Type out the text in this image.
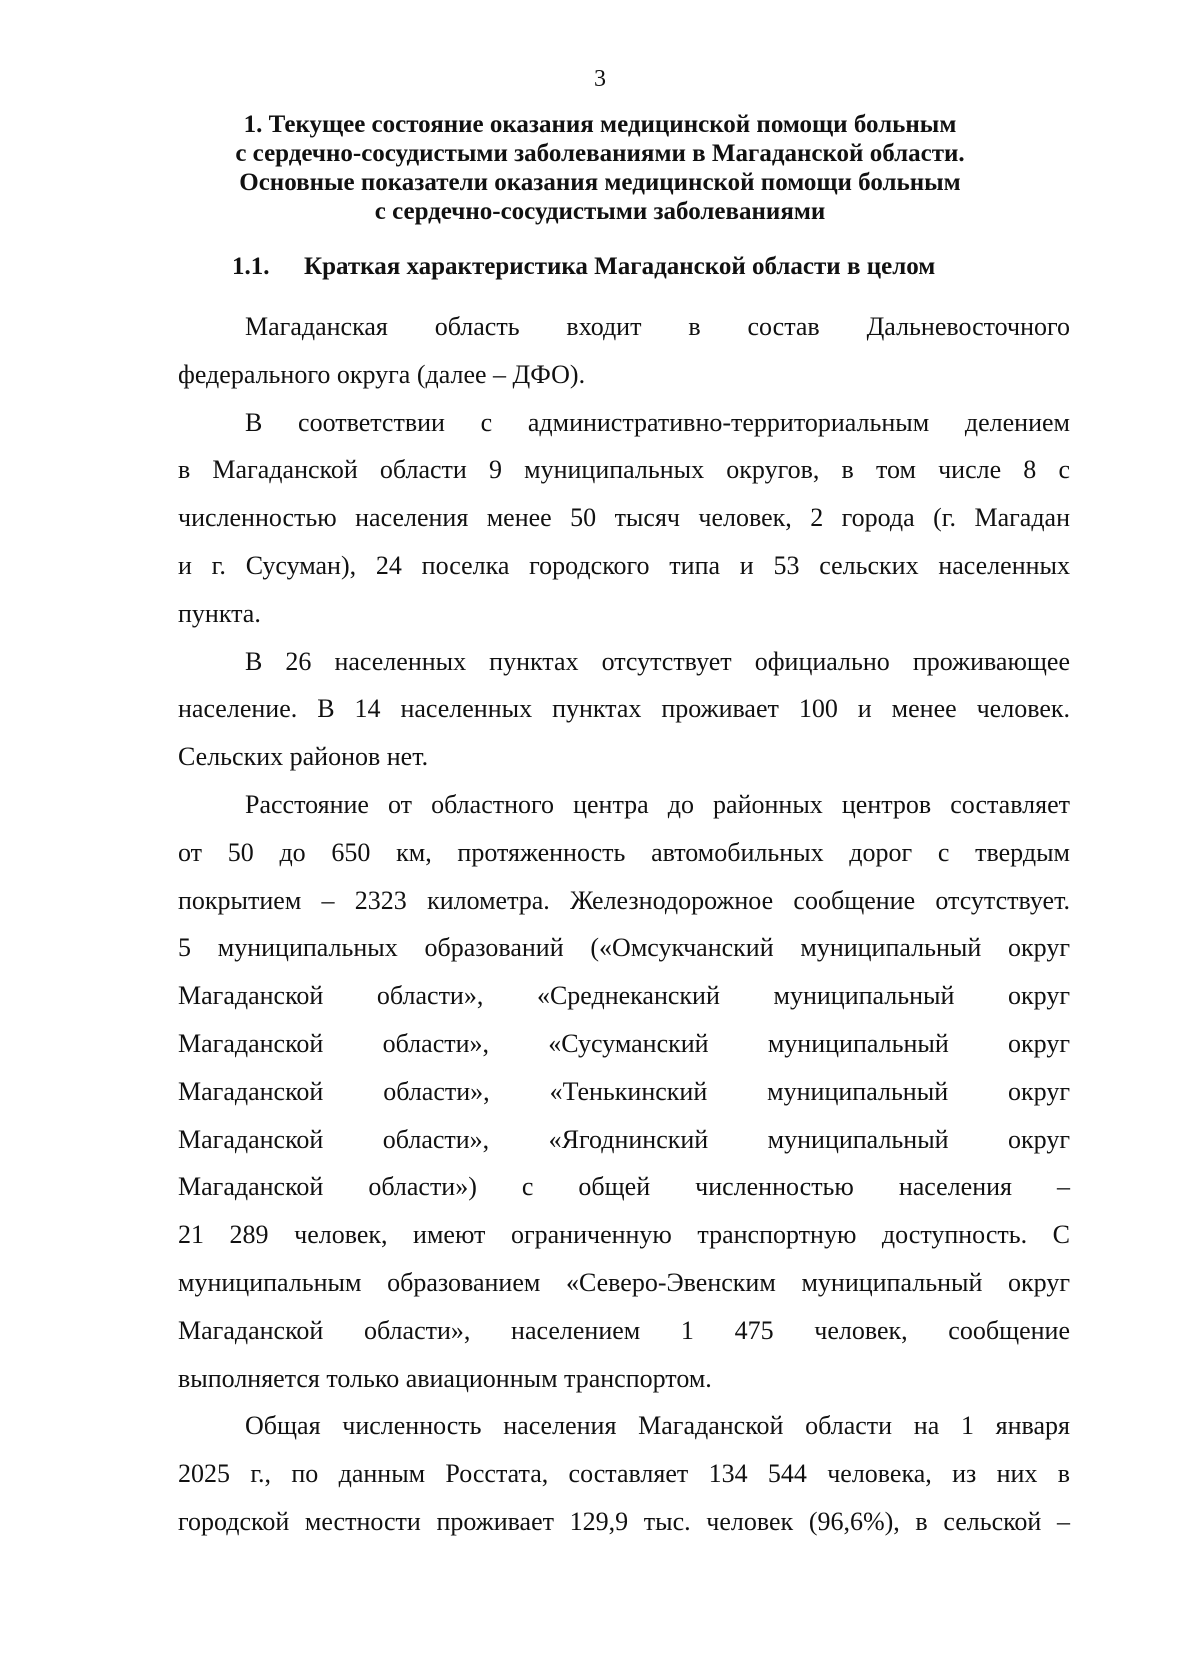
3
1. Текущее состояние оказания медицинской помощи больным
с сердечно-сосудистыми заболеваниями в Магаданской области.
Основные показатели оказания медицинской помощи больным
с сердечно-сосудистыми заболеваниями
1.1. Краткая характеристика Магаданской области в целом
Магаданская область входит в состав Дальневосточного
федерального округа (далее – ДФО).
В соответствии с административно-территориальным делением
в Магаданской области 9 муниципальных округов, в том числе 8 с
численностью населения менее 50 тысяч человек, 2 города (г. Магадан
и г. Сусуман), 24 поселка городского типа и 53 сельских населенных
пункта.
В 26 населенных пунктах отсутствует официально проживающее
население. В 14 населенных пунктах проживает 100 и менее человек.
Сельских районов нет.
Расстояние от областного центра до районных центров составляет
от 50 до 650 км, протяженность автомобильных дорог с твердым
покрытием – 2323 километра. Железнодорожное сообщение отсутствует.
5 муниципальных образований («Омсукчанский муниципальный округ
Магаданской области», «Среднеканский муниципальный округ
Магаданской области», «Сусуманский муниципальный округ
Магаданской области», «Тенькинский муниципальный округ
Магаданской области», «Ягоднинский муниципальный округ
Магаданской области») с общей численностью населения –
21 289 человек, имеют ограниченную транспортную доступность. С
муниципальным образованием «Северо-Эвенским муниципальный округ
Магаданской области», населением 1 475 человек, сообщение
выполняется только авиационным транспортом.
Общая численность населения Магаданской области на 1 января
2025 г., по данным Росстата, составляет 134 544 человека, из них в
городской местности проживает 129,9 тыс. человек (96,6%), в сельской –
